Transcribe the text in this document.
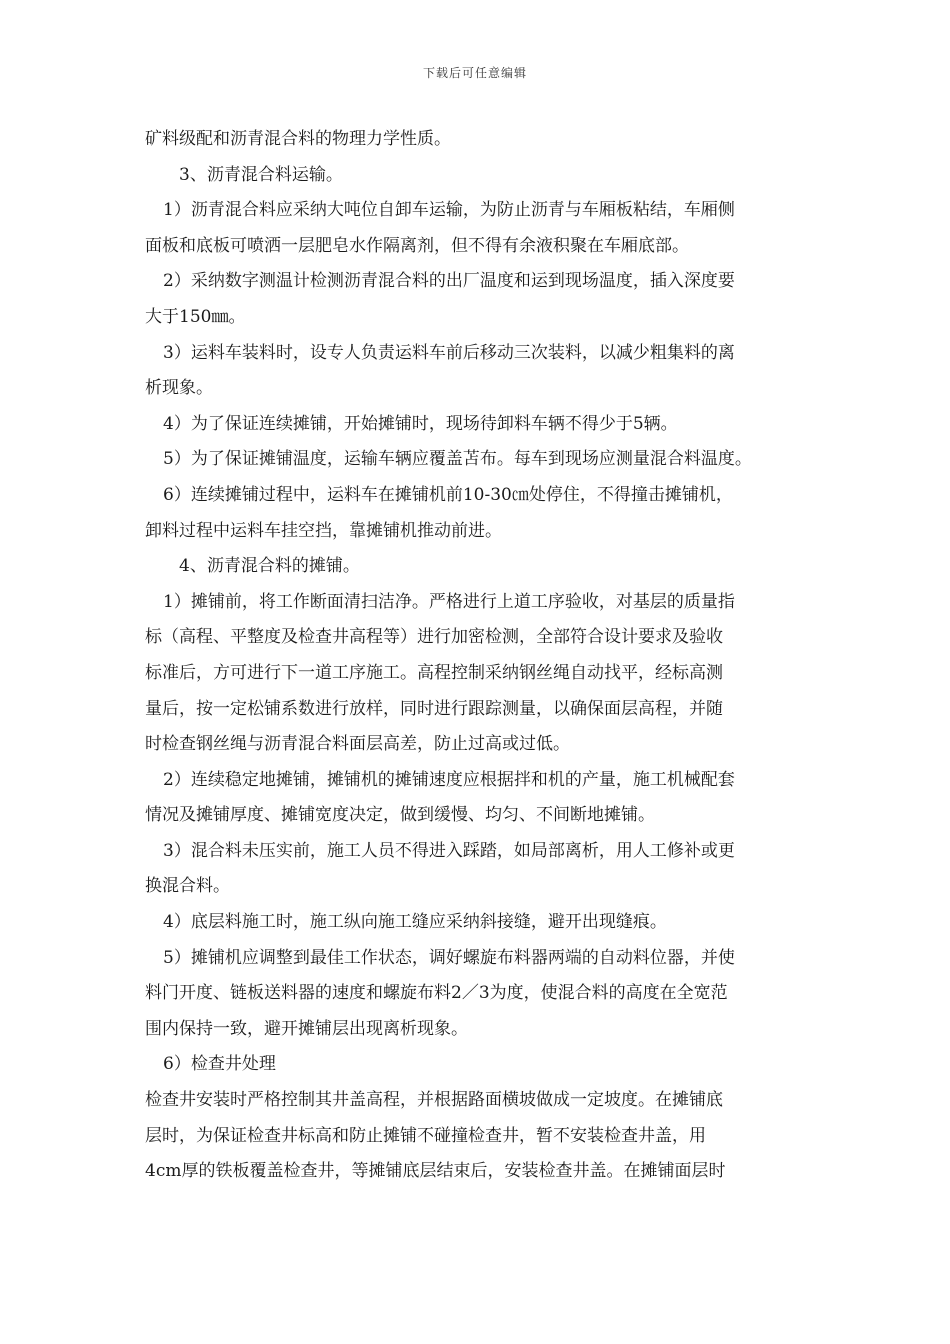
下载后可任意编辑
矿料级配和沥青混合料的物理力学性质。
3、沥青混合料运输。
1）沥青混合料应采纳大吨位自卸车运输，为防止沥青与车厢板粘结，车厢侧
面板和底板可喷洒一层肥皂水作隔离剂，但不得有余液积聚在车厢底部。
2）采纳数字测温计检测沥青混合料的出厂温度和运到现场温度，插入深度要
大于150㎜。
3）运料车装料时，设专人负责运料车前后移动三次装料，以减少粗集料的离
析现象。
4）为了保证连续摊铺，开始摊铺时，现场待卸料车辆不得少于5辆。
5）为了保证摊铺温度，运输车辆应覆盖苫布。每车到现场应测量混合料温度。
6）连续摊铺过程中，运料车在摊铺机前10-30㎝处停住，不得撞击摊铺机，
卸料过程中运料车挂空挡，靠摊铺机推动前进。
4、沥青混合料的摊铺。
1）摊铺前，将工作断面清扫洁净。严格进行上道工序验收，对基层的质量指
标（高程、平整度及检查井高程等）进行加密检测，全部符合设计要求及验收
标准后，方可进行下一道工序施工。高程控制采纳钢丝绳自动找平，经标高测
量后，按一定松铺系数进行放样，同时进行跟踪测量，以确保面层高程，并随
时检查钢丝绳与沥青混合料面层高差，防止过高或过低。
2）连续稳定地摊铺，摊铺机的摊铺速度应根据拌和机的产量，施工机械配套
情况及摊铺厚度、摊铺宽度决定，做到缓慢、均匀、不间断地摊铺。
3）混合料未压实前，施工人员不得进入踩踏，如局部离析，用人工修补或更
换混合料。
4）底层料施工时，施工纵向施工缝应采纳斜接缝，避开出现缝痕。
5）摊铺机应调整到最佳工作状态，调好螺旋布料器两端的自动料位器，并使
料门开度、链板送料器的速度和螺旋布料2／3为度，使混合料的高度在全宽范
围内保持一致，避开摊铺层出现离析现象。
6）检查井处理
检查井安装时严格控制其井盖高程，并根据路面横坡做成一定坡度。在摊铺底
层时，为保证检查井标高和防止摊铺不碰撞检查井，暂不安装检查井盖，用
4cm厚的铁板覆盖检查井，等摊铺底层结束后，安装检查井盖。在摊铺面层时
